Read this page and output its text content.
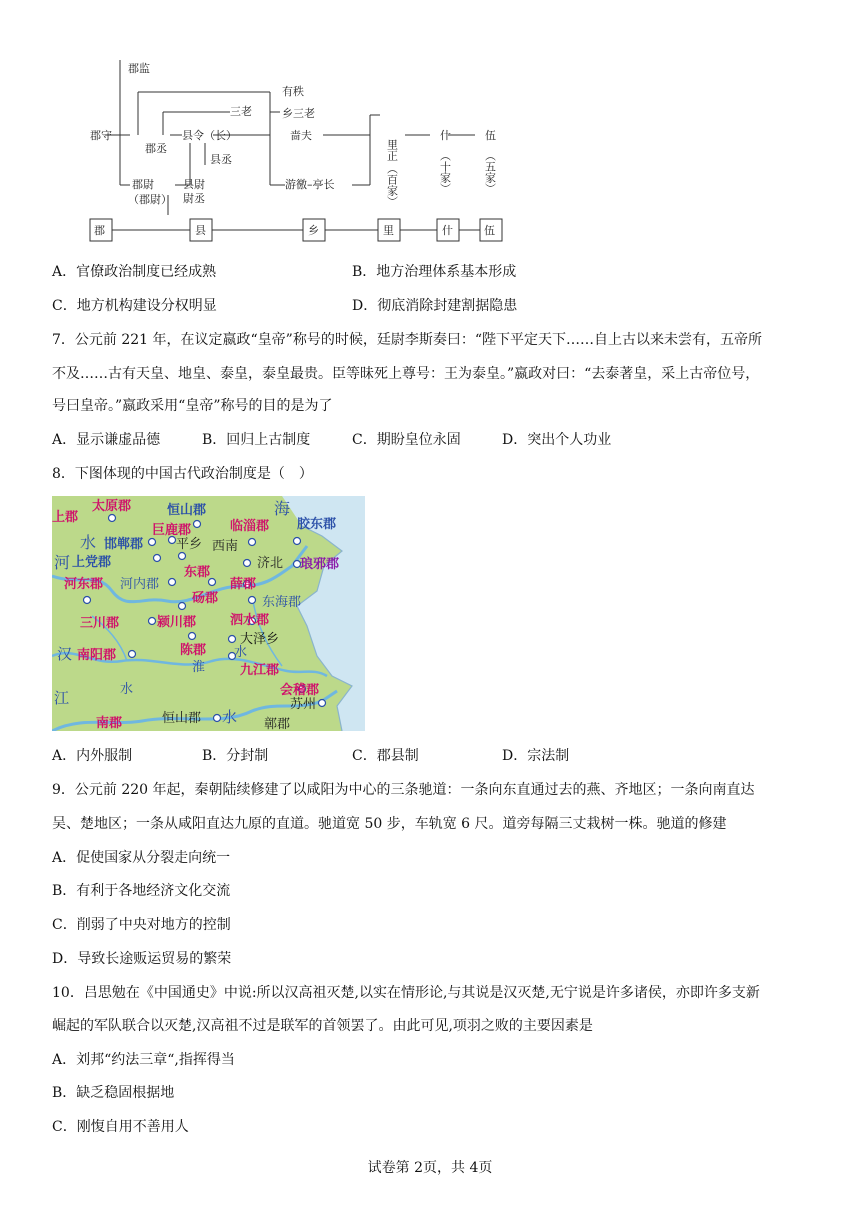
郡	县	乡	里	什	伍
郡监
郡守
郡丞
郡尉
（郡尉）
县令（长）
县丞
县尉
尉丞
有秩
乡三老
三老
啬夫
游徼–亭长
里正
（百家）
什
（十家）
伍
（五家）
A．官僚政治制度已经成熟	B．地方治理体系基本形成
C．地方机构建设分权明显	D．彻底消除封建割据隐患
7．公元前 221 年，在议定嬴政“皇帝”称号的时候，廷尉李斯奏曰：“陛下平定天下……自上古以来未尝有，五帝所
不及……古有天皇、地皇、泰皇，泰皇最贵。臣等昧死上尊号：王为泰皇。”嬴政对曰：“去泰著皇，采上古帝位号，
号曰皇帝。”嬴政采用“皇帝”称号的目的是为了
A．显示谦虚品德	B．回归上古制度	C．期盼皇位永固	D．突出个人功业
8．下图体现的中国古代政治制度是（　）
上郡
太原郡	恒山郡	海
巨鹿郡	临淄郡 胶东郡
水 邯郸郡	平乡 西南
河 上党郡	济北 琅邪郡
河东郡 河内郡
东郡
薛郡
砀郡	东海郡
三川郡	颍川郡	泗水郡
大泽乡
汉 南阳郡	陈郡
淮
水
九江郡
会稽郡
江	水
苏州
南郡	恒山郡 水 鄣郡
A．内外服制	B．分封制	C．郡县制	D．宗法制
9．公元前 220 年起，秦朝陆续修建了以咸阳为中心的三条驰道：一条向东直通过去的燕、齐地区；一条向南直达
吴、楚地区；一条从咸阳直达九原的直道。驰道宽 50 步，车轨宽 6 尺。道旁每隔三丈栽树一株。驰道的修建
A．促使国家从分裂走向统一
B．有利于各地经济文化交流
C．削弱了中央对地方的控制
D．导致长途贩运贸易的繁荣
10．吕思勉在《中国通史》中说:所以汉高祖灭楚,以实在情形论,与其说是汉灭楚,无宁说是许多诸侯，亦即许多支新
崛起的军队联合以灭楚,汉高祖不过是联军的首领罢了。由此可见,项羽之败的主要因素是
A．刘邦“约法三章“,指挥得当
B．缺乏稳固根据地
C．刚愎自用不善用人
试卷第 2页，共 4页
